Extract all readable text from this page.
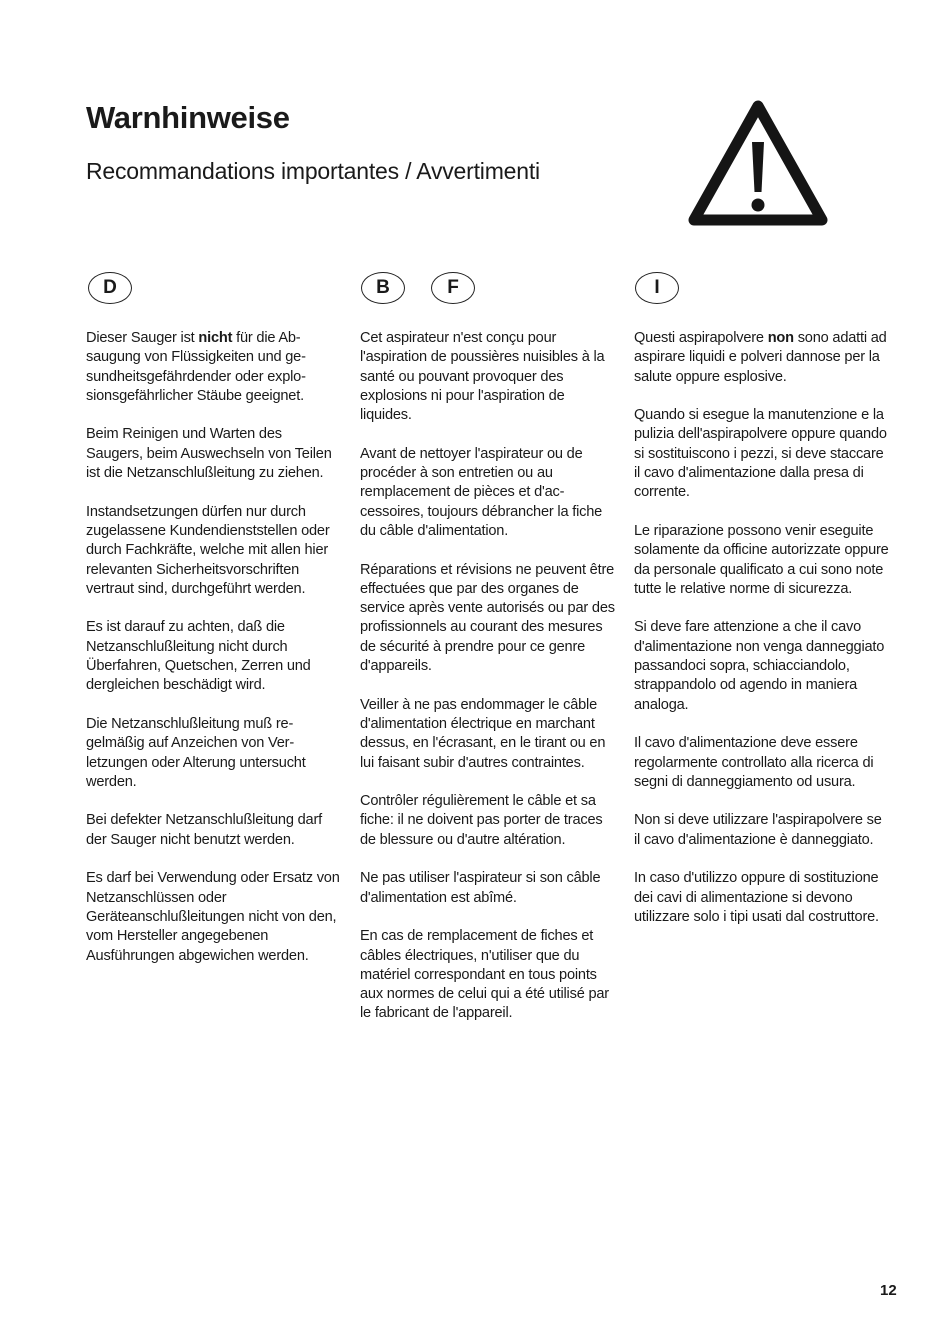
Warnhinweise
Recommandations importantes / Avvertimenti
D	B	F	I

Dieser Sauger ist nicht für die Absaugung von Flüssigkeiten und gesundheitsgefährdender oder explosionsgefährlicher Stäube geeignet.

Beim Reinigen und Warten des Saugers, beim Auswechseln von Teilen ist die Netzanschlußleitung zu ziehen.

Instandsetzungen dürfen nur durch zugelassene Kundendienststellen oder durch Fachkräfte, welche mit allen hier relevanten Sicherheitsvorschriften vertraut sind, durchgeführt werden.

Es ist darauf zu achten, daß die Netzanschlußleitung nicht durch Überfahren, Quetschen, Zerren und dergleichen beschädigt wird.

Die Netzanschlußleitung muß regelmäßig auf Anzeichen von Verletzungen oder Alterung untersucht werden.

Bei defekter Netzanschlußleitung darf der Sauger nicht benutzt werden.

Es darf bei Verwendung oder Ersatz von Netzanschlüssen oder Geräteanschlußleitungen nicht von den, vom Hersteller angegebenen Ausführungen abgewichen werden.

Cet aspirateur n'est conçu pour l'aspiration de poussières nuisibles à la santé ou pouvant provoquer des explosions ni pour l'aspiration de liquides.

Avant de nettoyer l'aspirateur ou de procéder à son entretien ou au remplacement de pièces et d'accessoires, toujours débrancher la fiche du câble d'alimentation.

Réparations et révisions ne peuvent être effectuées que par des organes de service après vente autorisés ou par des profissionnels au courant des mesures de sécurité à prendre pour ce genre d'appareils.

Veiller à ne pas endommager le câble d'alimentation électrique en marchant dessus, en l'écrasant, en le tirant ou en lui faisant subir d'autres contraintes.

Contrôler régulièrement le câble et sa fiche: il ne doivent pas porter de traces de blessure ou d'autre altération.

Ne pas utiliser l'aspirateur si son câble d'alimentation est abîmé.

En cas de remplacement de fiches et câbles électriques, n'utiliser que du matériel correspondant en tous points aux normes de celui qui a été utilisé par le fabricant de l'appareil.

Questi aspirapolvere non sono adatti ad aspirare liquidi e polveri dannose per la salute oppure esplosive.

Quando si esegue la manutenzione e la pulizia dell'aspirapolvere oppure quando si sostituiscono i pezzi, si deve staccare il cavo d'alimentazione dalla presa di corrente.

Le riparazione possono venir eseguite solamente da officine autorizzate oppure da personale qualificato a cui sono note tutte le relative norme di sicurezza.

Si deve fare attenzione a che il cavo d'alimentazione non venga danneggiato passandoci sopra, schiacciandolo, strappandolo od agendo in maniera analoga.

Il cavo d'alimentazione deve essere regolarmente controllato alla ricerca di segni di danneggiamento od usura.

Non si deve utilizzare l'aspirapolvere se il cavo d'alimentazione è danneggiato.

In caso d'utilizzo oppure di sostituzione dei cavi di alimentazione si devono utilizzare solo i tipi usati dal costruttore.

12
